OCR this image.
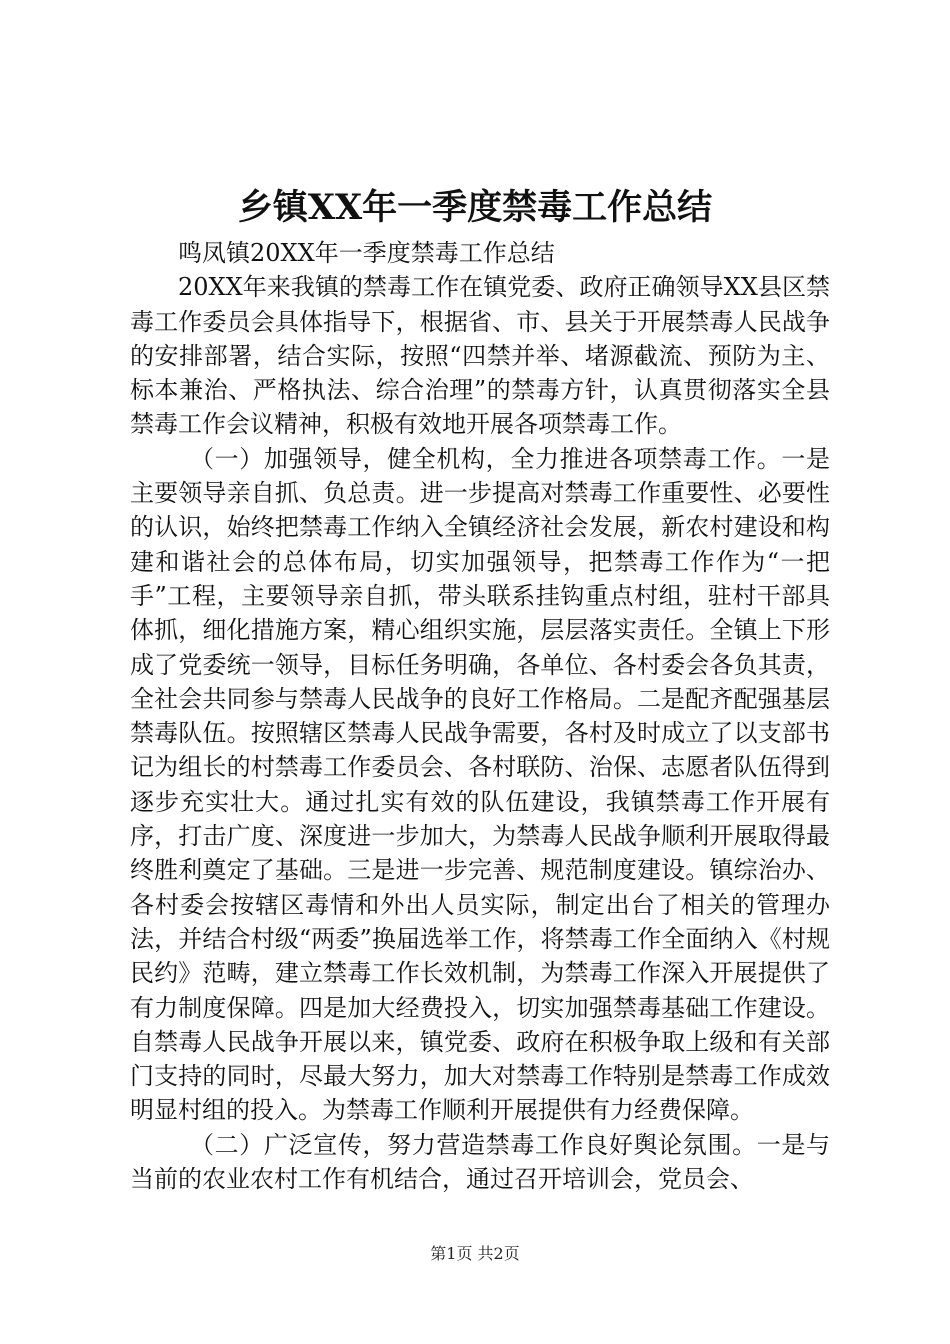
乡镇XX年一季度禁毒工作总结

鸣凤镇20XX年一季度禁毒工作总结

20XX年来我镇的禁毒工作在镇党委、政府正确领导XX县区禁毒工作委员会具体指导下，根据省、市、县关于开展禁毒人民战争的安排部署，结合实际，按照“四禁并举、堵源截流、预防为主、标本兼治、严格执法、综合治理”的禁毒方针，认真贯彻落实全县禁毒工作会议精神，积极有效地开展各项禁毒工作。

（一）加强领导，健全机构，全力推进各项禁毒工作。一是主要领导亲自抓、负总责。进一步提高对禁毒工作重要性、必要性的认识，始终把禁毒工作纳入全镇经济社会发展，新农村建设和构建和谐社会的总体布局，切实加强领导，把禁毒工作作为“一把手”工程，主要领导亲自抓，带头联系挂钩重点村组，驻村干部具体抓，细化措施方案，精心组织实施，层层落实责任。全镇上下形成了党委统一领导，目标任务明确，各单位、各村委会各负其责，全社会共同参与禁毒人民战争的良好工作格局。二是配齐配强基层禁毒队伍。按照辖区禁毒人民战争需要，各村及时成立了以支部书记为组长的村禁毒工作委员会、各村联防、治保、志愿者队伍得到逐步充实壮大。通过扎实有效的队伍建设，我镇禁毒工作开展有序，打击广度、深度进一步加大，为禁毒人民战争顺利开展取得最终胜利奠定了基础。三是进一步完善、规范制度建设。镇综治办、各村委会按辖区毒情和外出人员实际，制定出台了相关的管理办法，并结合村级“两委”换届选举工作，将禁毒工作全面纳入《村规民约》范畴，建立禁毒工作长效机制，为禁毒工作深入开展提供了有力制度保障。四是加大经费投入，切实加强禁毒基础工作建设。自禁毒人民战争开展以来，镇党委、政府在积极争取上级和有关部门支持的同时，尽最大努力，加大对禁毒工作特别是禁毒工作成效明显村组的投入。为禁毒工作顺利开展提供有力经费保障。

（二）广泛宣传，努力营造禁毒工作良好舆论氛围。一是与当前的农业农村工作有机结合，通过召开培训会，党员会、

第1页 共2页
